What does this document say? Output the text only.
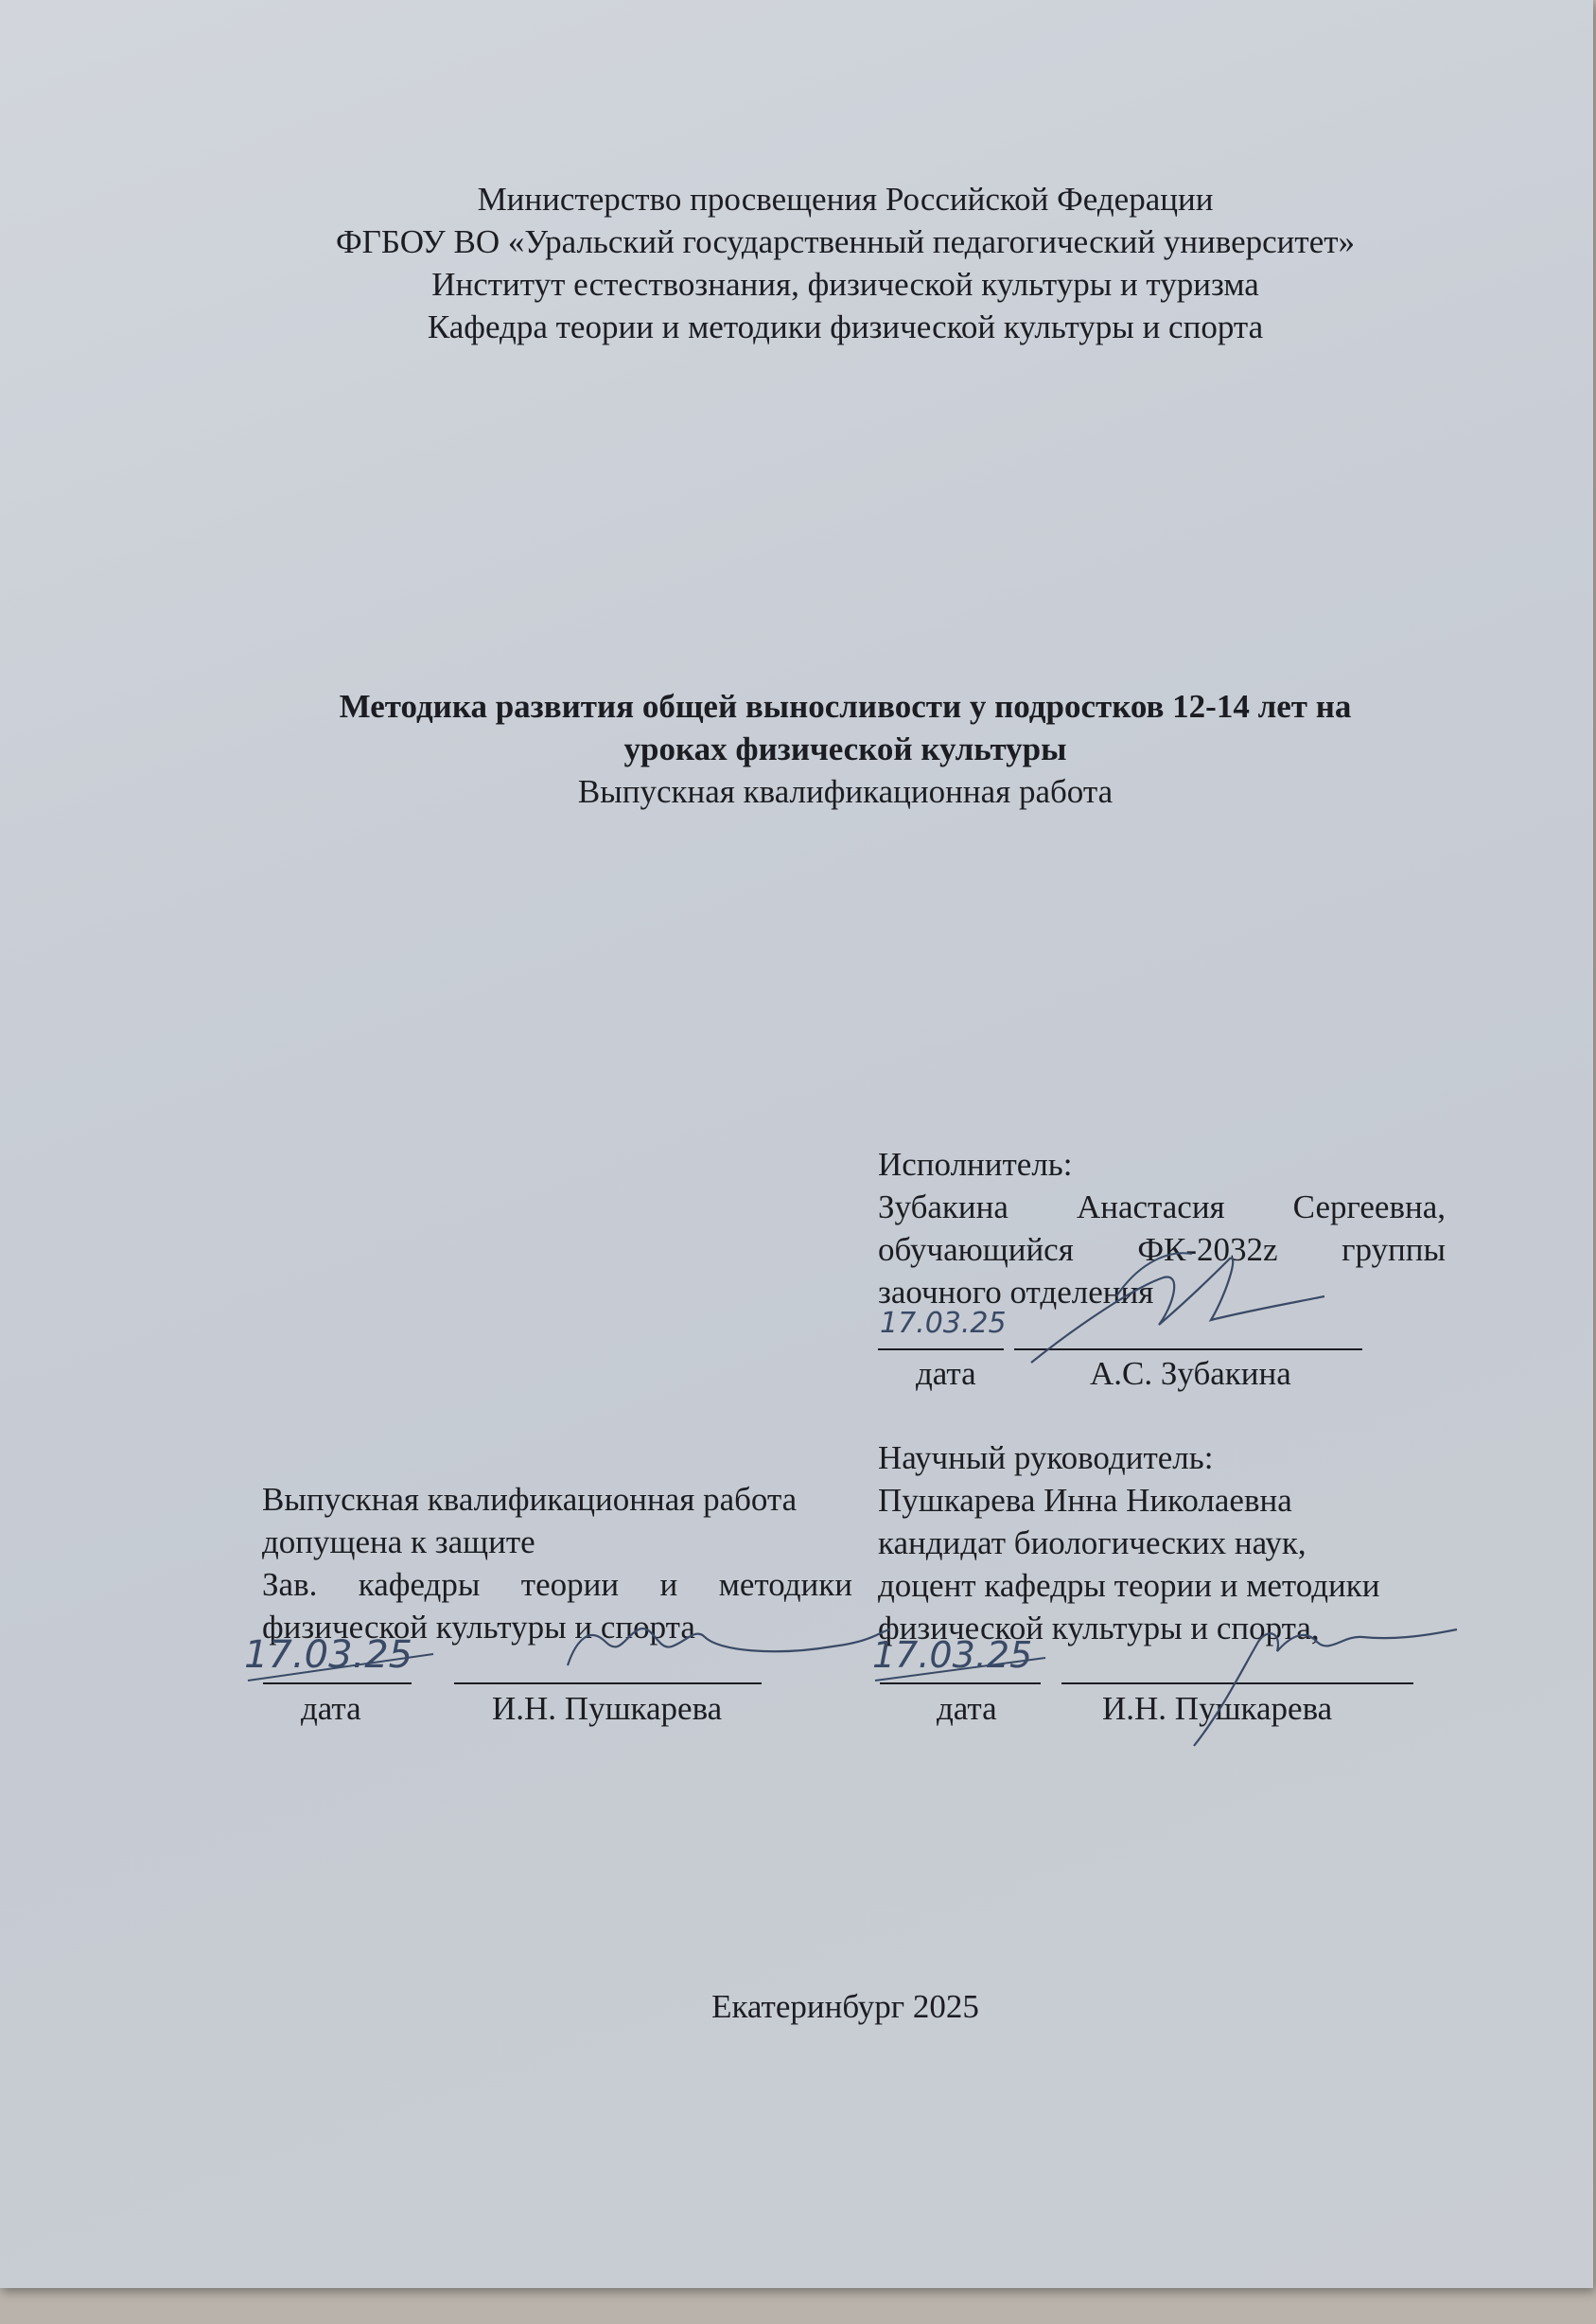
Министерство просвещения Российской Федерации
ФГБОУ ВО «Уральский государственный педагогический университет»
Институт естествознания, физической культуры и туризма
Кафедра теории и методики физической культуры и спорта
Методика развития общей выносливости у подростков 12-14 лет на
уроках физической культуры
Выпускная квалификационная работа
Исполнитель:
Зубакина Анастасия Сергеевна,
обучающийся ФК-2032z группы
заочного отделения
дата	А.С. Зубакина
Научный руководитель:
Пушкарева Инна Николаевна
кандидат биологических наук,
доцент кафедры теории и методики
физической культуры и спорта,
дата	И.Н. Пушкарева
Выпускная квалификационная работа
допущена к защите
Зав. кафедры теории и методики
физической культуры и спорта
дата	И.Н. Пушкарева
17.03.25
17.03.25	17.03.25
Екатеринбург 2025
